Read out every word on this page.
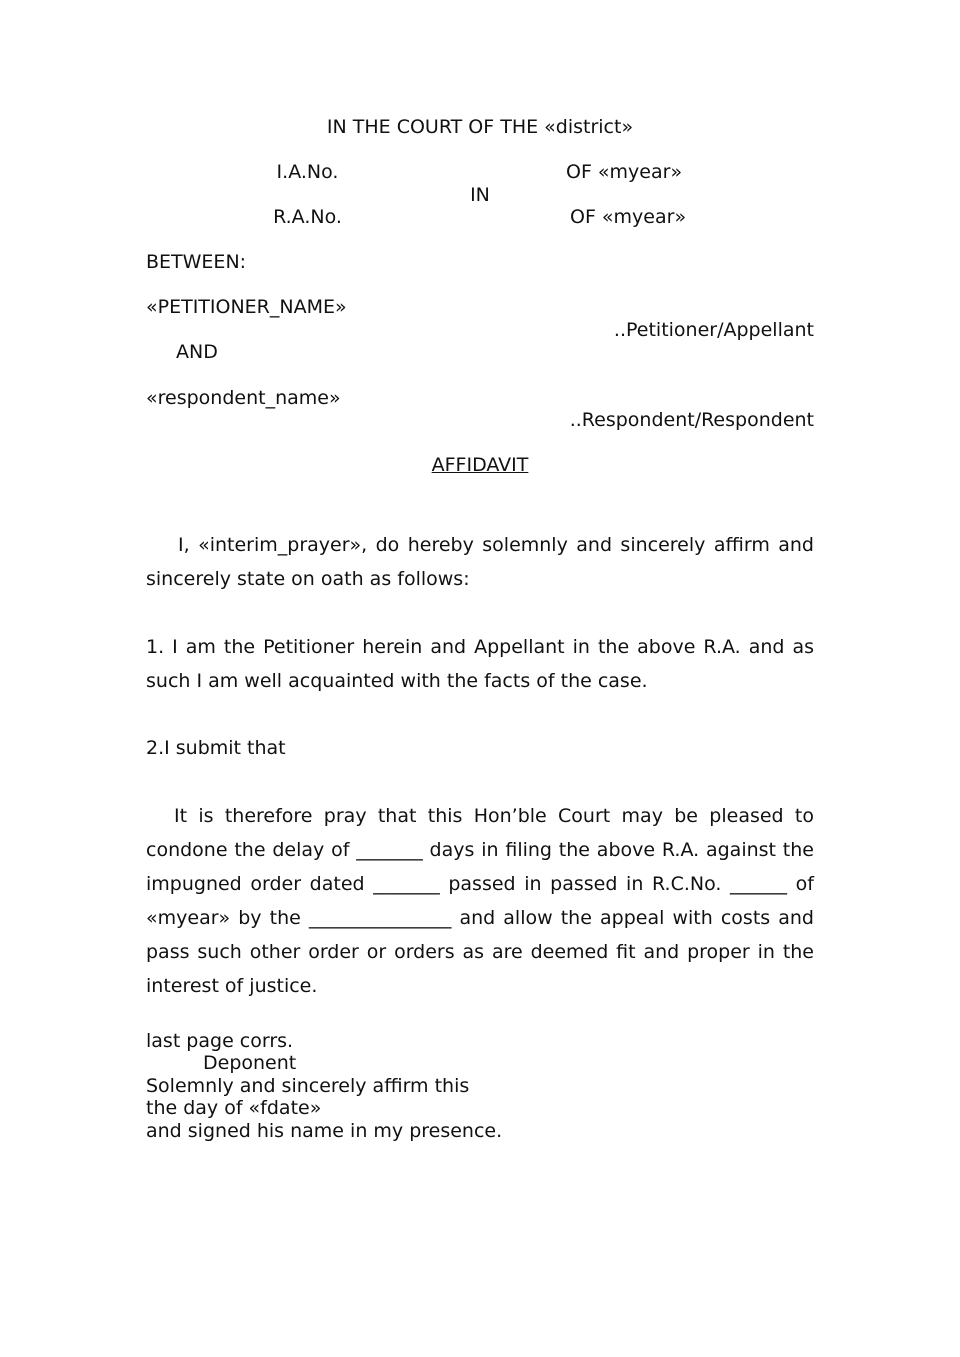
IN THE COURT OF THE «district»
I.A.No.	OF «myear»
IN
R.A.No.	OF «myear»
BETWEEN:
«PETITIONER_NAME»
..Petitioner/Appellant
AND
«respondent_name»
..Respondent/Respondent
AFFIDAVIT

I, «interim_prayer», do hereby solemnly and sincerely affirm and sincerely state on oath as follows:

1. I am the Petitioner herein and Appellant in the above R.A. and as such I am well acquainted with the facts of the case.

2.I submit that

It is therefore pray that this Hon’ble Court may be pleased to condone the delay of _______ days in filing the above R.A. against the impugned order dated _______ passed in passed in R.C.No. ______ of «myear» by the _______________ and allow the appeal with costs and pass such other order or orders as are deemed fit and proper in the interest of justice.

last page corrs.
Deponent
Solemnly and sincerely affirm this
the day of «fdate»
and signed his name in my presence.
